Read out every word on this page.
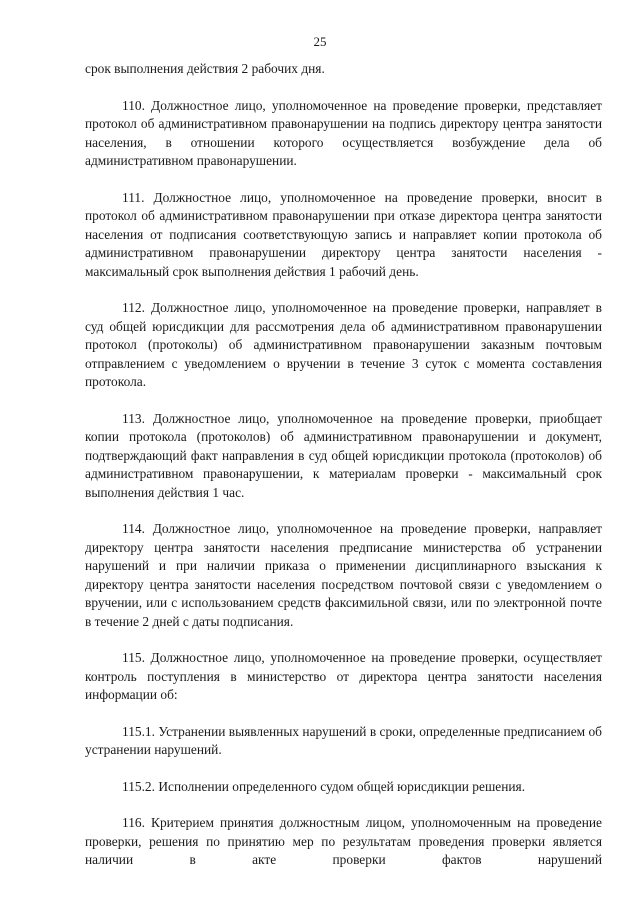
25

срок выполнения действия 2 рабочих дня.

110. Должностное лицо, уполномоченное на проведение проверки, представляет протокол об административном правонарушении на подпись директору центра занятости населения, в отношении которого осуществляется возбуждение дела об административном правонарушении.

111. Должностное лицо, уполномоченное на проведение проверки, вносит в протокол об административном правонарушении при отказе директора центра занятости населения от подписания соответствующую запись и направляет копии протокола об административном правонарушении директору центра занятости населения - максимальный срок выполнения действия 1 рабочий день.

112. Должностное лицо, уполномоченное на проведение проверки, направляет в суд общей юрисдикции для рассмотрения дела об административном правонарушении протокол (протоколы) об административном правонарушении заказным почтовым отправлением с уведомлением о вручении в течение 3 суток с момента составления протокола.

113. Должностное лицо, уполномоченное на проведение проверки, приобщает копии протокола (протоколов) об административном правонарушении и документ, подтверждающий факт направления в суд общей юрисдикции протокола (протоколов) об административном правонарушении, к материалам проверки - максимальный срок выполнения действия 1 час.

114. Должностное лицо, уполномоченное на проведение проверки, направляет директору центра занятости населения предписание министерства об устранении нарушений и при наличии приказа о применении дисциплинарного взыскания к директору центра занятости населения посредством почтовой связи с уведомлением о вручении, или с использованием средств факсимильной связи, или по электронной почте в течение 2 дней с даты подписания.

115. Должностное лицо, уполномоченное на проведение проверки, осуществляет контроль поступления в министерство от директора центра занятости населения информации об:

115.1. Устранении выявленных нарушений в сроки, определенные предписанием об устранении нарушений.

115.2. Исполнении определенного судом общей юрисдикции решения.

116. Критерием принятия должностным лицом, уполномоченным на проведение проверки, решения по принятию мер по результатам проведения проверки является наличии в акте проверки фактов нарушений
